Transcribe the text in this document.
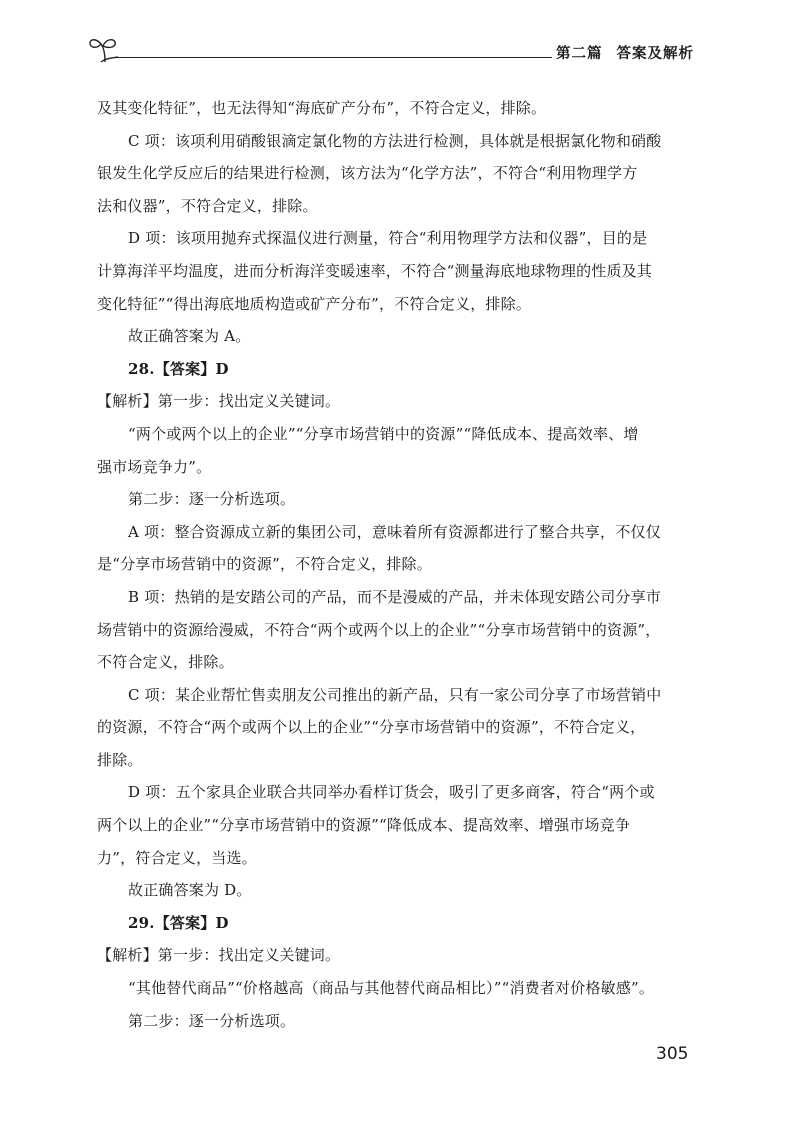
第二篇 答案及解析
及其变化特征”，也无法得知“海底矿产分布”，不符合定义，排除。
C 项：该项利用硝酸银滴定氯化物的方法进行检测，具体就是根据氯化物和硝酸
银发生化学反应后的结果进行检测，该方法为“化学方法”，不符合“利用物理学方
法和仪器”，不符合定义，排除。
D 项：该项用抛弃式探温仪进行测量，符合“利用物理学方法和仪器”，目的是
计算海洋平均温度，进而分析海洋变暖速率，不符合“测量海底地球物理的性质及其
变化特征”“得出海底地质构造或矿产分布”，不符合定义，排除。
故正确答案为 A。
28.【答案】D
【解析】第一步：找出定义关键词。
“两个或两个以上的企业”“分享市场营销中的资源”“降低成本、提高效率、增
强市场竞争力”。
第二步：逐一分析选项。
A 项：整合资源成立新的集团公司，意味着所有资源都进行了整合共享，不仅仅
是“分享市场营销中的资源”，不符合定义，排除。
B 项：热销的是安踏公司的产品，而不是漫威的产品，并未体现安踏公司分享市
场营销中的资源给漫威，不符合“两个或两个以上的企业”“分享市场营销中的资源”，
不符合定义，排除。
C 项：某企业帮忙售卖朋友公司推出的新产品，只有一家公司分享了市场营销中
的资源，不符合“两个或两个以上的企业”“分享市场营销中的资源”，不符合定义，
排除。
D 项：五个家具企业联合共同举办看样订货会，吸引了更多商客，符合“两个或
两个以上的企业”“分享市场营销中的资源”“降低成本、提高效率、增强市场竞争
力”，符合定义，当选。
故正确答案为 D。
29.【答案】D
【解析】第一步：找出定义关键词。
“其他替代商品”“价格越高（商品与其他替代商品相比）”“消费者对价格敏感”。
第二步：逐一分析选项。
305
